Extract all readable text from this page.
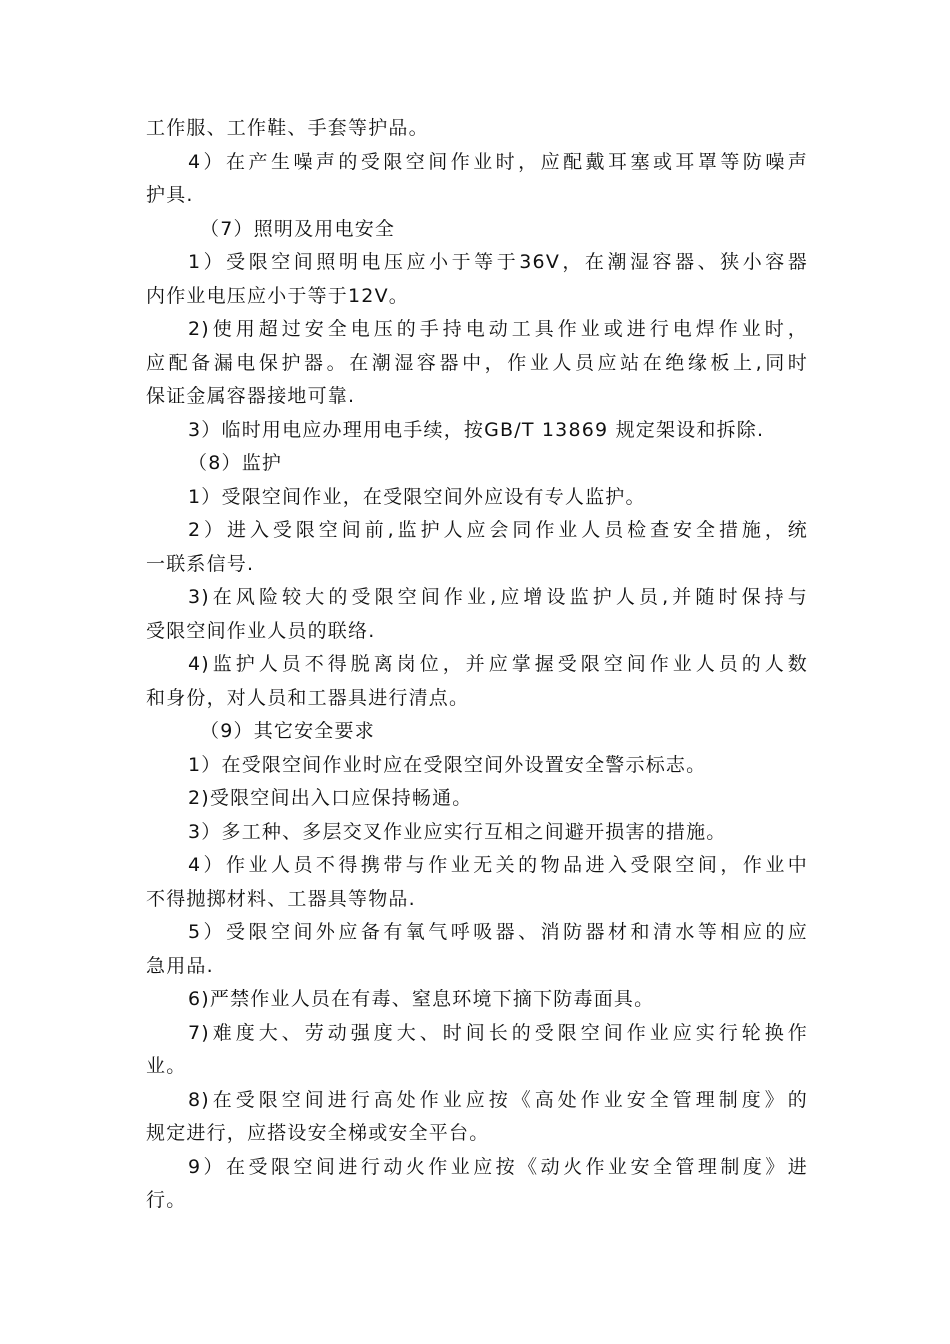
工作服、工作鞋、手套等护品。
4）在产生噪声的受限空间作业时，应配戴耳塞或耳罩等防噪声
护具.
（7）照明及用电安全
1）受限空间照明电压应小于等于36V，在潮湿容器、狭小容器
内作业电压应小于等于12V。
2)使用超过安全电压的手持电动工具作业或进行电焊作业时，
应配备漏电保护器。在潮湿容器中，作业人员应站在绝缘板上,同时
保证金属容器接地可靠.
3）临时用电应办理用电手续，按GB/T 13869 规定架设和拆除.
（8）监护
1）受限空间作业，在受限空间外应设有专人监护。
2）进入受限空间前,监护人应会同作业人员检查安全措施，统
一联系信号.
3)在风险较大的受限空间作业,应增设监护人员,并随时保持与
受限空间作业人员的联络.
4)监护人员不得脱离岗位，并应掌握受限空间作业人员的人数
和身份，对人员和工器具进行清点。
（9）其它安全要求
1）在受限空间作业时应在受限空间外设置安全警示标志。
2)受限空间出入口应保持畅通。
3）多工种、多层交叉作业应实行互相之间避开损害的措施。
4）作业人员不得携带与作业无关的物品进入受限空间，作业中
不得抛掷材料、工器具等物品.
5）受限空间外应备有氧气呼吸器、消防器材和清水等相应的应
急用品.
6)严禁作业人员在有毒、窒息环境下摘下防毒面具。
7)难度大、劳动强度大、时间长的受限空间作业应实行轮换作
业。
8)在受限空间进行高处作业应按《高处作业安全管理制度》的
规定进行，应搭设安全梯或安全平台。
9）在受限空间进行动火作业应按《动火作业安全管理制度》进
行。
